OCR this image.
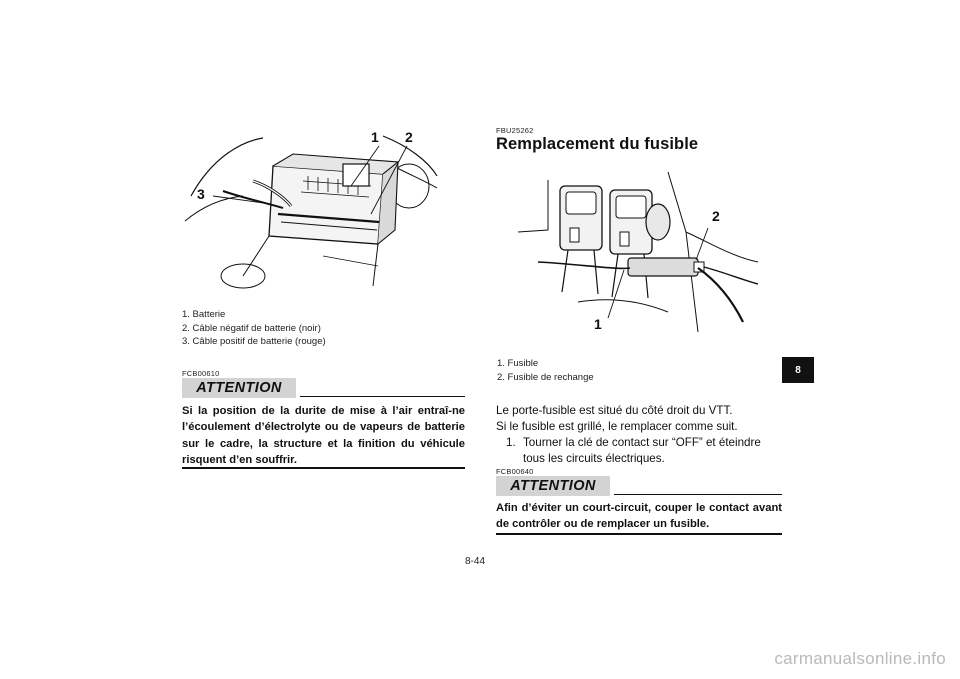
1 2
3
1. Batterie
2. Câble négatif de batterie (noir)
3. Câble positif de batterie (rouge)
FCB00610
ATTENTION
Si la position de la durite de mise à l’air entraî-ne l’écoulement d’électrolyte ou de vapeurs de batterie sur le cadre, la structure et la finition du véhicule risquent d’en souffrir.
FBU25262
Remplacement du fusible
2
1
1. Fusible
2. Fusible de rechange
Le porte-fusible est situé du côté droit du VTT.
Si le fusible est grillé, le remplacer comme suit.
1. Tourner la clé de contact sur “OFF” et éteindre tous les circuits électriques.
FCB00640
ATTENTION
Afin d’éviter un court-circuit, couper le contact avant de contrôler ou de remplacer un fusible.
8
8-44
carmanualsonline.info
